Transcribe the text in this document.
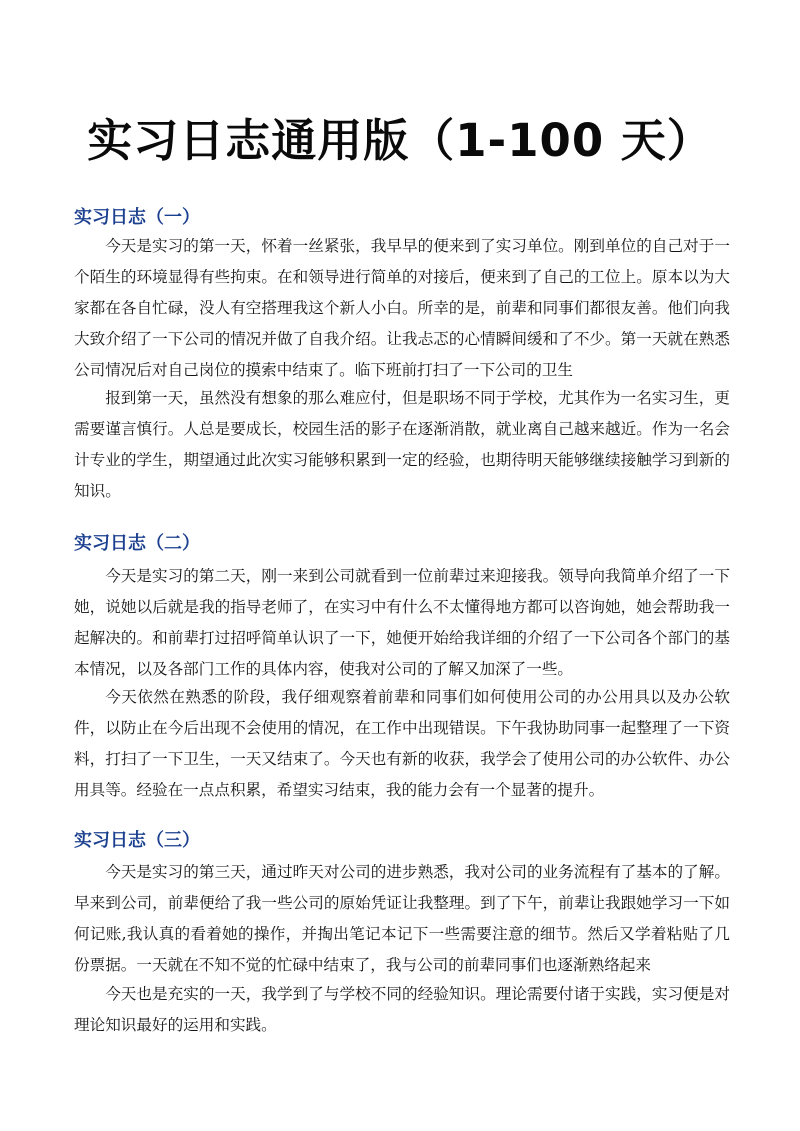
实习日志通用版（1-100 天）
实习日志（一）

今天是实习的第一天，怀着一丝紧张，我早早的便来到了实习单位。刚到单位的自己对于一个陌生的环境显得有些拘束。在和领导进行简单的对接后，便来到了自己的工位上。原本以为大家都在各自忙碌，没人有空搭理我这个新人小白。所幸的是，前辈和同事们都很友善。他们向我大致介绍了一下公司的情况并做了自我介绍。让我忐忑的心情瞬间缓和了不少。第一天就在熟悉公司情况后对自己岗位的摸索中结束了。临下班前打扫了一下公司的卫生

报到第一天，虽然没有想象的那么难应付，但是职场不同于学校，尤其作为一名实习生，更需要谨言慎行。人总是要成长，校园生活的影子在逐渐消散，就业离自己越来越近。作为一名会计专业的学生，期望通过此次实习能够积累到一定的经验，也期待明天能够继续接触学习到新的知识。

实习日志（二）

今天是实习的第二天，刚一来到公司就看到一位前辈过来迎接我。领导向我简单介绍了一下她，说她以后就是我的指导老师了，在实习中有什么不太懂得地方都可以咨询她，她会帮助我一起解决的。和前辈打过招呼简单认识了一下，她便开始给我详细的介绍了一下公司各个部门的基本情况，以及各部门工作的具体内容，使我对公司的了解又加深了一些。

今天依然在熟悉的阶段，我仔细观察着前辈和同事们如何使用公司的办公用具以及办公软件，以防止在今后出现不会使用的情况，在工作中出现错误。下午我协助同事一起整理了一下资料，打扫了一下卫生，一天又结束了。今天也有新的收获，我学会了使用公司的办公软件、办公用具等。经验在一点点积累，希望实习结束，我的能力会有一个显著的提升。

实习日志（三）

今天是实习的第三天，通过昨天对公司的进步熟悉，我对公司的业务流程有了基本的了解。早来到公司，前辈便给了我一些公司的原始凭证让我整理。到了下午，前辈让我跟她学习一下如何记账,我认真的看着她的操作，并掏出笔记本记下一些需要注意的细节。然后又学着粘贴了几份票据。一天就在不知不觉的忙碌中结束了，我与公司的前辈同事们也逐渐熟络起来

今天也是充实的一天，我学到了与学校不同的经验知识。理论需要付诸于实践，实习便是对理论知识最好的运用和实践。
